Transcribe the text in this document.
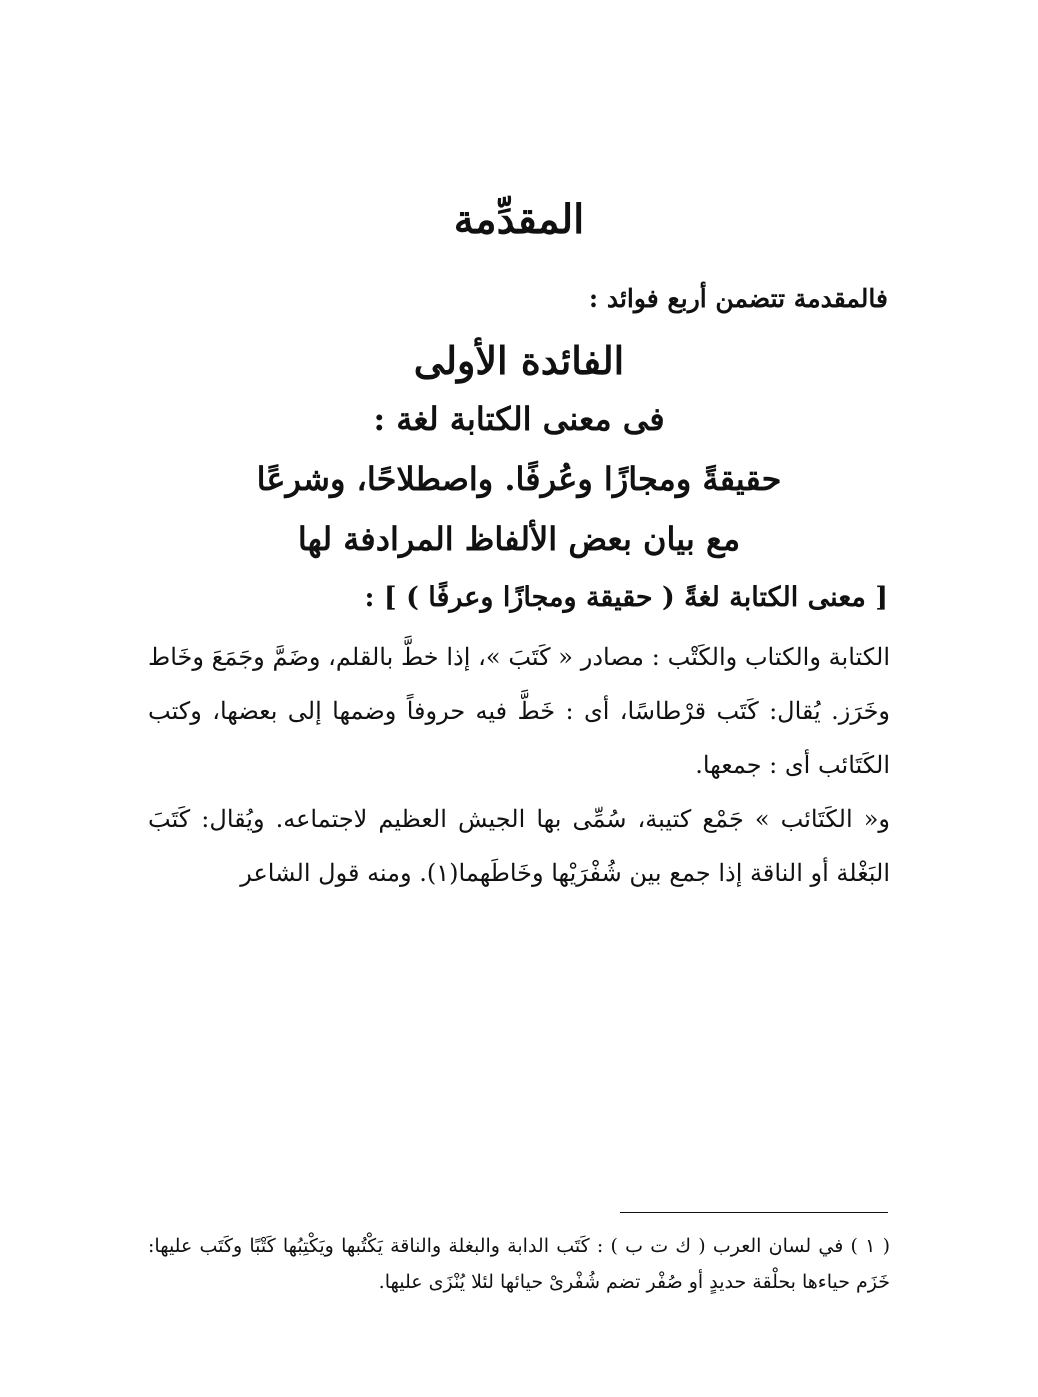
المقدِّمة
فالمقدمة تتضمن أربع فوائد :
الفائدة الأولى
فى معنى الكتابة لغة :
حقيقةً ومجازًا وعُرفًا. واصطلاحًا، وشرعًا
مع بيان بعض الألفاظ المرادفة لها
[ معنى الكتابة لغةً ( حقيقة ومجازًا وعرفًا ) ] :
الكتابة والكتاب والكَتْب : مصادر « كَتَبَ »، إذا خطَّ بالقلم، وضَمَّ وجَمَعَ وخَاط وخَرَز. يُقال: كَتَب قرْطاسًا، أى : خَطَّ فيه حروفاً وضمها إلى بعضها، وكتب الكَتَائب أى : جمعها.
و« الكَتَائب » جَمْع كتيبة، سُمِّى بها الجيش العظيم لاجتماعه. ويُقال: كَتَبَ البَغْلة أو الناقة إذا جمع بين شُفْرَيْها وخَاطَهما(١). ومنه قول الشاعر
( ١ ) في لسان العرب ( ك ت ب ) : كَتَب الدابة والبغلة والناقة يَكْتُبها ويَكْتِبُها كَتْبًا وكَتَب عليها: خَزَم حياءها بحلْقة حديدٍ أو صُفْر تضم شُفْرىْ حيائها لئلا يُنْزَى عليها.
